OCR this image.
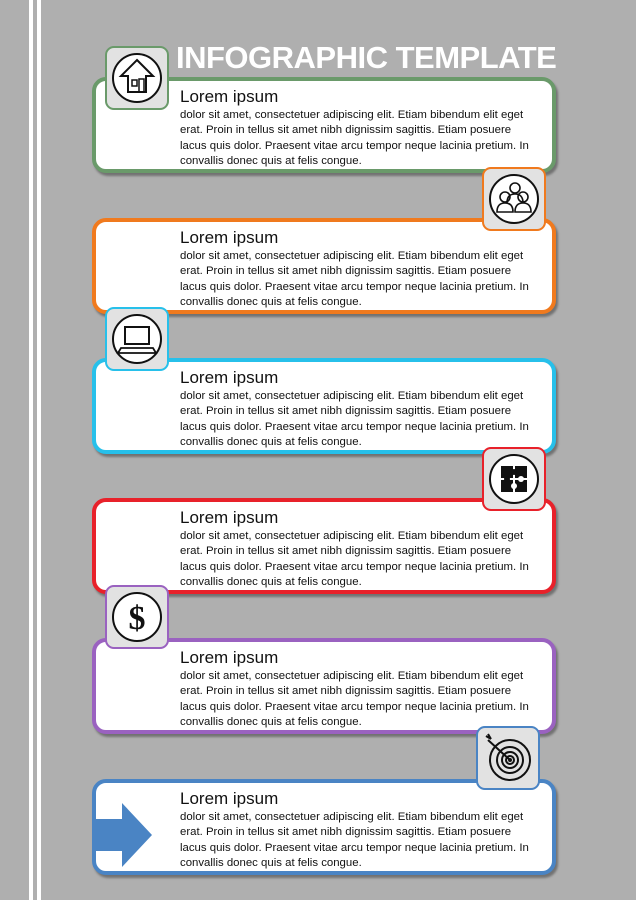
INFOGRAPHIC TEMPLATE
Lorem ipsum
dolor sit amet, consectetuer adipiscing elit. Etiam bibendum elit eget erat. Proin in tellus sit amet nibh dignissim sagittis. Etiam posuere lacus quis dolor. Praesent vitae arcu tempor neque lacinia pretium. In convallis donec quis at felis congue.
Lorem ipsum
dolor sit amet, consectetuer adipiscing elit. Etiam bibendum elit eget erat. Proin in tellus sit amet nibh dignissim sagittis. Etiam posuere lacus quis dolor. Praesent vitae arcu tempor neque lacinia pretium. In convallis donec quis at felis congue.
Lorem ipsum
dolor sit amet, consectetuer adipiscing elit. Etiam bibendum elit eget erat. Proin in tellus sit amet nibh dignissim sagittis. Etiam posuere lacus quis dolor. Praesent vitae arcu tempor neque lacinia pretium. In convallis donec quis at felis congue.
Lorem ipsum
dolor sit amet, consectetuer adipiscing elit. Etiam bibendum elit eget erat. Proin in tellus sit amet nibh dignissim sagittis. Etiam posuere lacus quis dolor. Praesent vitae arcu tempor neque lacinia pretium. In convallis donec quis at felis congue.
Lorem ipsum
dolor sit amet, consectetuer adipiscing elit. Etiam bibendum elit eget erat. Proin in tellus sit amet nibh dignissim sagittis. Etiam posuere lacus quis dolor. Praesent vitae arcu tempor neque lacinia pretium. In convallis donec quis at felis congue.
Lorem ipsum
dolor sit amet, consectetuer adipiscing elit. Etiam bibendum elit eget erat. Proin in tellus sit amet nibh dignissim sagittis. Etiam posuere lacus quis dolor. Praesent vitae arcu tempor neque lacinia pretium. In convallis donec quis at felis congue.
$
